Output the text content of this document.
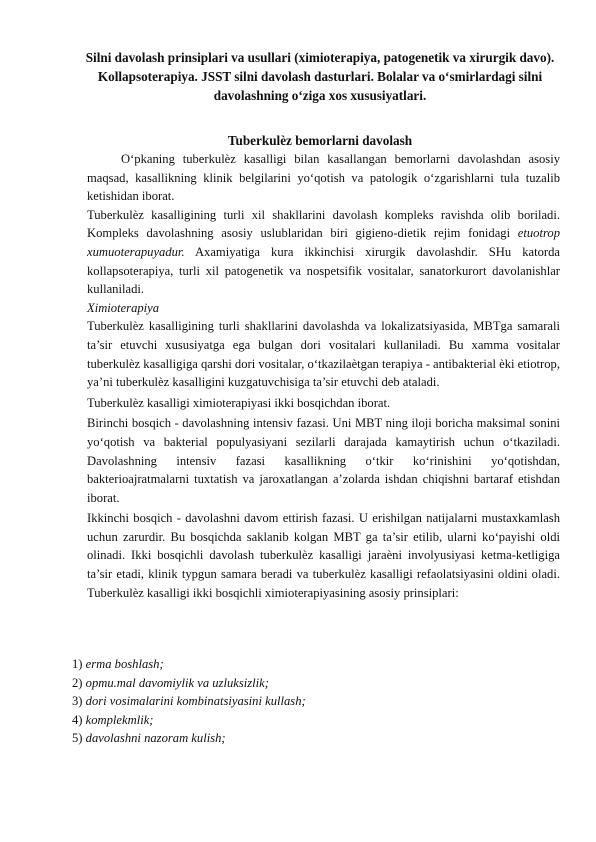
Silni davolash prinsiplari va usullari (ximioterapiya, patogenetik va xirurgik davo). Kollapsoterapiya. JSST silni davolash dasturlari. Bolalar va o‘smirlardagi silni davolashning o‘ziga xos xususiyatlari.
Tuberkulèz bemorlarni davolash

O‘pkaning tuberkulèz kasalligi bilan kasallangan bemorlarni davolashdan asosiy maqsad, kasallikning klinik belgilarini yo‘qotish va patologik o‘zgarishlarni tula tuzalib ketishidan iborat.

Tuberkulèz kasalligining turli xil shakllarini davolash kompleks ravishda olib boriladi. Kompleks davolashning asosiy uslublaridan biri gigieno-dietik rejim fonidagi etuotrop xumuoterapuyadur. Axamiyatiga kura ikkinchisi xirurgik davolashdir. SHu katorda kollapsoterapiya, turli xil patogenetik va nospetsifik vositalar, sanatorkurort davolanishlar kullaniladi.

Ximioterapiya

Tuberkulèz kasalligining turli shakllarini davolashda va lokalizatsiyasida, MBTga samarali ta’sir etuvchi xususiyatga ega bulgan dori vositalari kullaniladi. Bu xamma vositalar tuberkulèz kasalligiga qarshi dori vositalar, o‘tkazilaètgan terapiya - antibakterial èki etiotrop, ya’ni tuberkulèz kasalligini kuzgatuvchisiga ta’sir etuvchi deb ataladi.

Tuberkulèz kasalligi ximioterapiyasi ikki bosqichdan iborat.

Birinchi bosqich - davolashning intensiv fazasi. Uni MBT ning iloji boricha maksimal sonini yo‘qotish va bakterial populyasiyani sezilarli darajada kamaytirish uchun o‘tkaziladi. Davolashning intensiv fazasi kasallikning o‘tkir ko‘rinishini yo‘qotishdan, bakterioajratmalarni tuxtatish va jaroxatlangan a’zolarda ishdan chiqishni bartaraf etishdan iborat.

Ikkinchi bosqich - davolashni davom ettirish fazasi. U erishilgan natijalarni mustaxkamlash uchun zarurdir. Bu bosqichda saklanib kolgan MBT ga ta’sir etilib, ularni ko‘payishi oldi olinadi. Ikki bosqichli davolash tuberkulèz kasalligi jaraèni involyusiyasi ketma-ketligiga ta’sir etadi, klinik typgun samara beradi va tuberkulèz kasalligi refaolatsiyasini oldini oladi. Tuberkulèz kasalligi ikki bosqichli ximioterapiyasining asosiy prinsiplari:

1) erma boshlash;
2) opmu.mal davomiylik va uzluksizlik;
3) dori vosimalarini kombinatsiyasini kullash;
4) komplekmlik;
5) davolashni nazoram kulish;
